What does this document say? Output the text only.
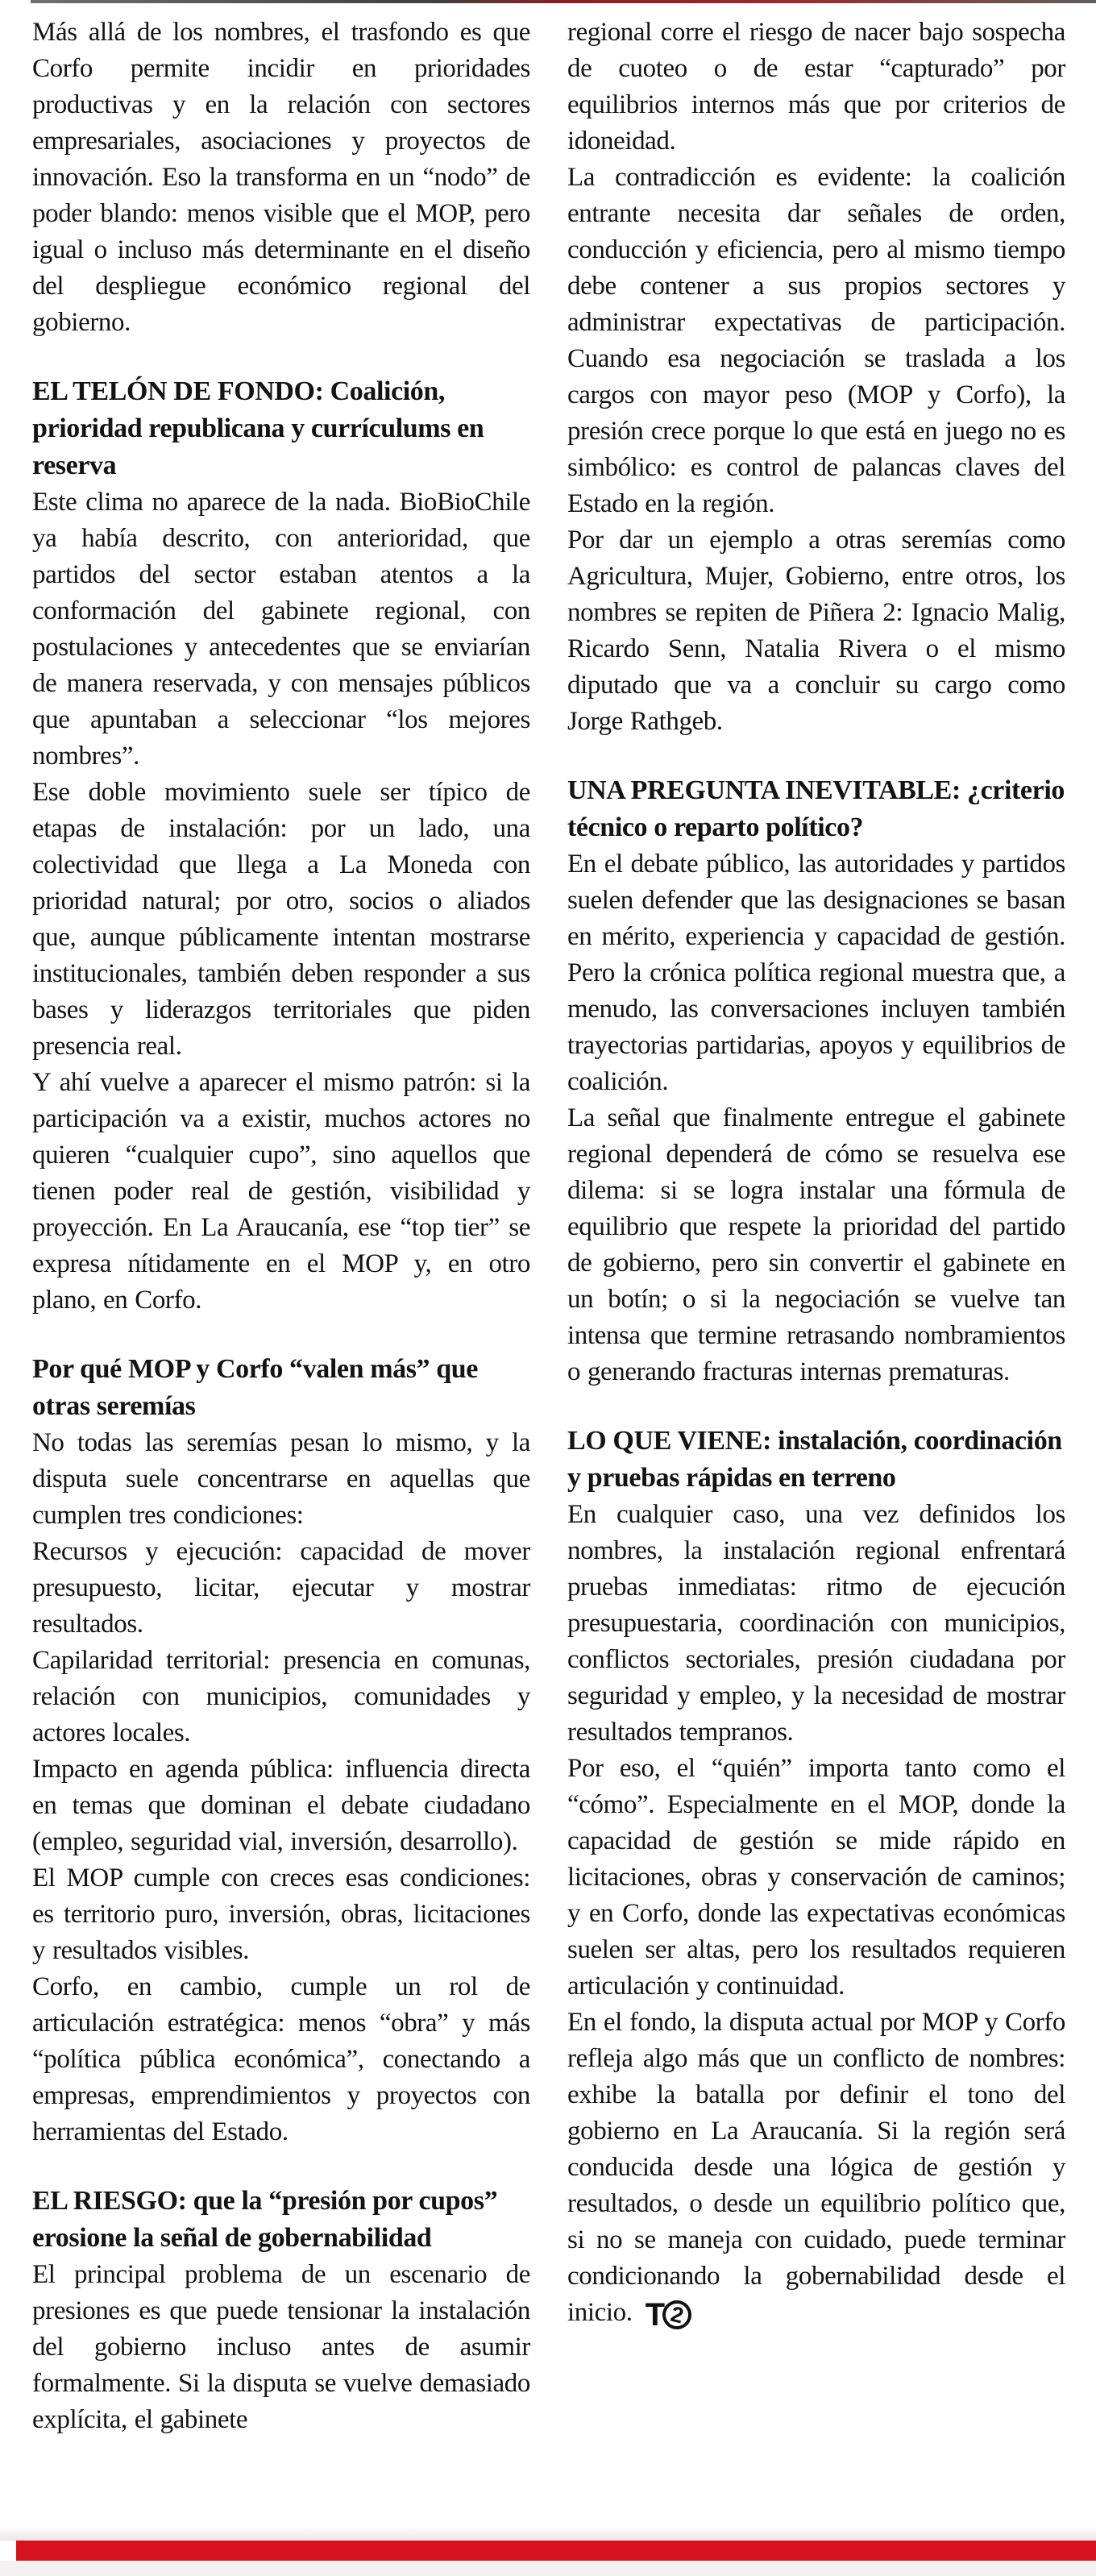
Más allá de los nombres, el trasfondo es que Corfo permite incidir en prioridades productivas y en la relación con sectores empresariales, asociaciones y proyectos de innovación. Eso la transforma en un “nodo” de poder blando: menos visible que el MOP, pero igual o incluso más determinante en el diseño del despliegue económico regional del gobierno.

EL TELÓN DE FONDO: Coalición, prioridad republicana y currículums en reserva

Este clima no aparece de la nada. BioBioChile ya había descrito, con anterioridad, que partidos del sector estaban atentos a la conformación del gabinete regional, con postulaciones y antecedentes que se enviarían de manera reservada, y con mensajes públicos que apuntaban a seleccionar “los mejores nombres”.

Ese doble movimiento suele ser típico de etapas de instalación: por un lado, una colectividad que llega a La Moneda con prioridad natural; por otro, socios o aliados que, aunque públicamente intentan mostrarse institucionales, también deben responder a sus bases y liderazgos territoriales que piden presencia real.

Y ahí vuelve a aparecer el mismo patrón: si la participación va a existir, muchos actores no quieren “cualquier cupo”, sino aquellos que tienen poder real de gestión, visibilidad y proyección. En La Araucanía, ese “top tier” se expresa nítidamente en el MOP y, en otro plano, en Corfo.

Por qué MOP y Corfo “valen más” que otras seremías

No todas las seremías pesan lo mismo, y la disputa suele concentrarse en aquellas que cumplen tres condiciones:

Recursos y ejecución: capacidad de mover presupuesto, licitar, ejecutar y mostrar resultados.

Capilaridad territorial: presencia en comunas, relación con municipios, comunidades y actores locales.

Impacto en agenda pública: influencia directa en temas que dominan el debate ciudadano (empleo, seguridad vial, inversión, desarrollo).

El MOP cumple con creces esas condiciones: es territorio puro, inversión, obras, licitaciones y resultados visibles.

Corfo, en cambio, cumple un rol de articulación estratégica: menos “obra” y más “política pública económica”, conectando a empresas, emprendimientos y proyectos con herramientas del Estado.

EL RIESGO: que la “presión por cupos” erosione la señal de gobernabilidad

El principal problema de un escenario de presiones es que puede tensionar la instalación del gobierno incluso antes de asumir formalmente. Si la disputa se vuelve demasiado explícita, el gabinete

regional corre el riesgo de nacer bajo sospecha de cuoteo o de estar “capturado” por equilibrios internos más que por criterios de idoneidad.

La contradicción es evidente: la coalición entrante necesita dar señales de orden, conducción y eficiencia, pero al mismo tiempo debe contener a sus propios sectores y administrar expectativas de participación. Cuando esa negociación se traslada a los cargos con mayor peso (MOP y Corfo), la presión crece porque lo que está en juego no es simbólico: es control de palancas claves del Estado en la región.

Por dar un ejemplo a otras seremías como Agricultura, Mujer, Gobierno, entre otros, los nombres se repiten de Piñera 2: Ignacio Malig, Ricardo Senn, Natalia Rivera o el mismo diputado que va a concluir su cargo como Jorge Rathgeb.

UNA PREGUNTA INEVITABLE: ¿criterio técnico o reparto político?

En el debate público, las autoridades y partidos suelen defender que las designaciones se basan en mérito, experiencia y capacidad de gestión. Pero la crónica política regional muestra que, a menudo, las conversaciones incluyen también trayectorias partidarias, apoyos y equilibrios de coalición.

La señal que finalmente entregue el gabinete regional dependerá de cómo se resuelva ese dilema: si se logra instalar una fórmula de equilibrio que respete la prioridad del partido de gobierno, pero sin convertir el gabinete en un botín; o si la negociación se vuelve tan intensa que termine retrasando nombramientos o generando fracturas internas prematuras.

LO QUE VIENE: instalación, coordinación y pruebas rápidas en terreno

En cualquier caso, una vez definidos los nombres, la instalación regional enfrentará pruebas inmediatas: ritmo de ejecución presupuestaria, coordinación con municipios, conflictos sectoriales, presión ciudadana por seguridad y empleo, y la necesidad de mostrar resultados tempranos.

Por eso, el “quién” importa tanto como el “cómo”. Especialmente en el MOP, donde la capacidad de gestión se mide rápido en licitaciones, obras y conservación de caminos; y en Corfo, donde las expectativas económicas suelen ser altas, pero los resultados requieren articulación y continuidad.

En el fondo, la disputa actual por MOP y Corfo refleja algo más que un conflicto de nombres: exhibe la batalla por definir el tono del gobierno en La Araucanía. Si la región será conducida desde una lógica de gestión y resultados, o desde un equilibrio político que, si no se maneja con cuidado, puede terminar condicionando la gobernabilidad desde el inicio. T 2
